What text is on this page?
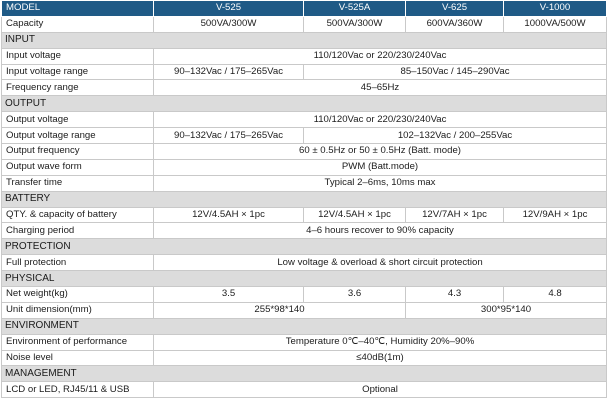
MODEL	V-525	V-525A	V-625	V-1000
Capacity	500VA/300W	500VA/300W	600VA/360W	1000VA/500W
INPUT				
Input voltage	110/120Vac or 220/230/240Vac			
Input voltage range	90–132Vac / 175–265Vac	85–150Vac / 145–290Vac		
Frequency range	45–65Hz			
OUTPUT				
Output voltage	110/120Vac or 220/230/240Vac			
Output voltage range	90–132Vac / 175–265Vac	102–132Vac / 200–255Vac		
Output frequency	60 ± 0.5Hz or 50 ± 0.5Hz (Batt. mode)			
Output wave form	PWM (Batt.mode)			
Transfer time	Typical 2–6ms, 10ms max			
BATTERY				
QTY. & capacity of battery	12V/4.5AH × 1pc	12V/4.5AH × 1pc	12V/7AH × 1pc	12V/9AH × 1pc
Charging period	4–6 hours recover to 90% capacity			
PROTECTION				
Full protection	Low voltage & overload & short circuit protection			
PHYSICAL				
Net weight(kg)	3.5	3.6	4.3	4.8
Unit dimension(mm)	255*98*140		300*95*140	
ENVIRONMENT				
Environment of performance	Temperature 0℃–40℃, Humidity 20%–90%			
Noise level	≤40dB(1m)			
MANAGEMENT				
LCD or LED, RJ45/11 & USB	Optional			
